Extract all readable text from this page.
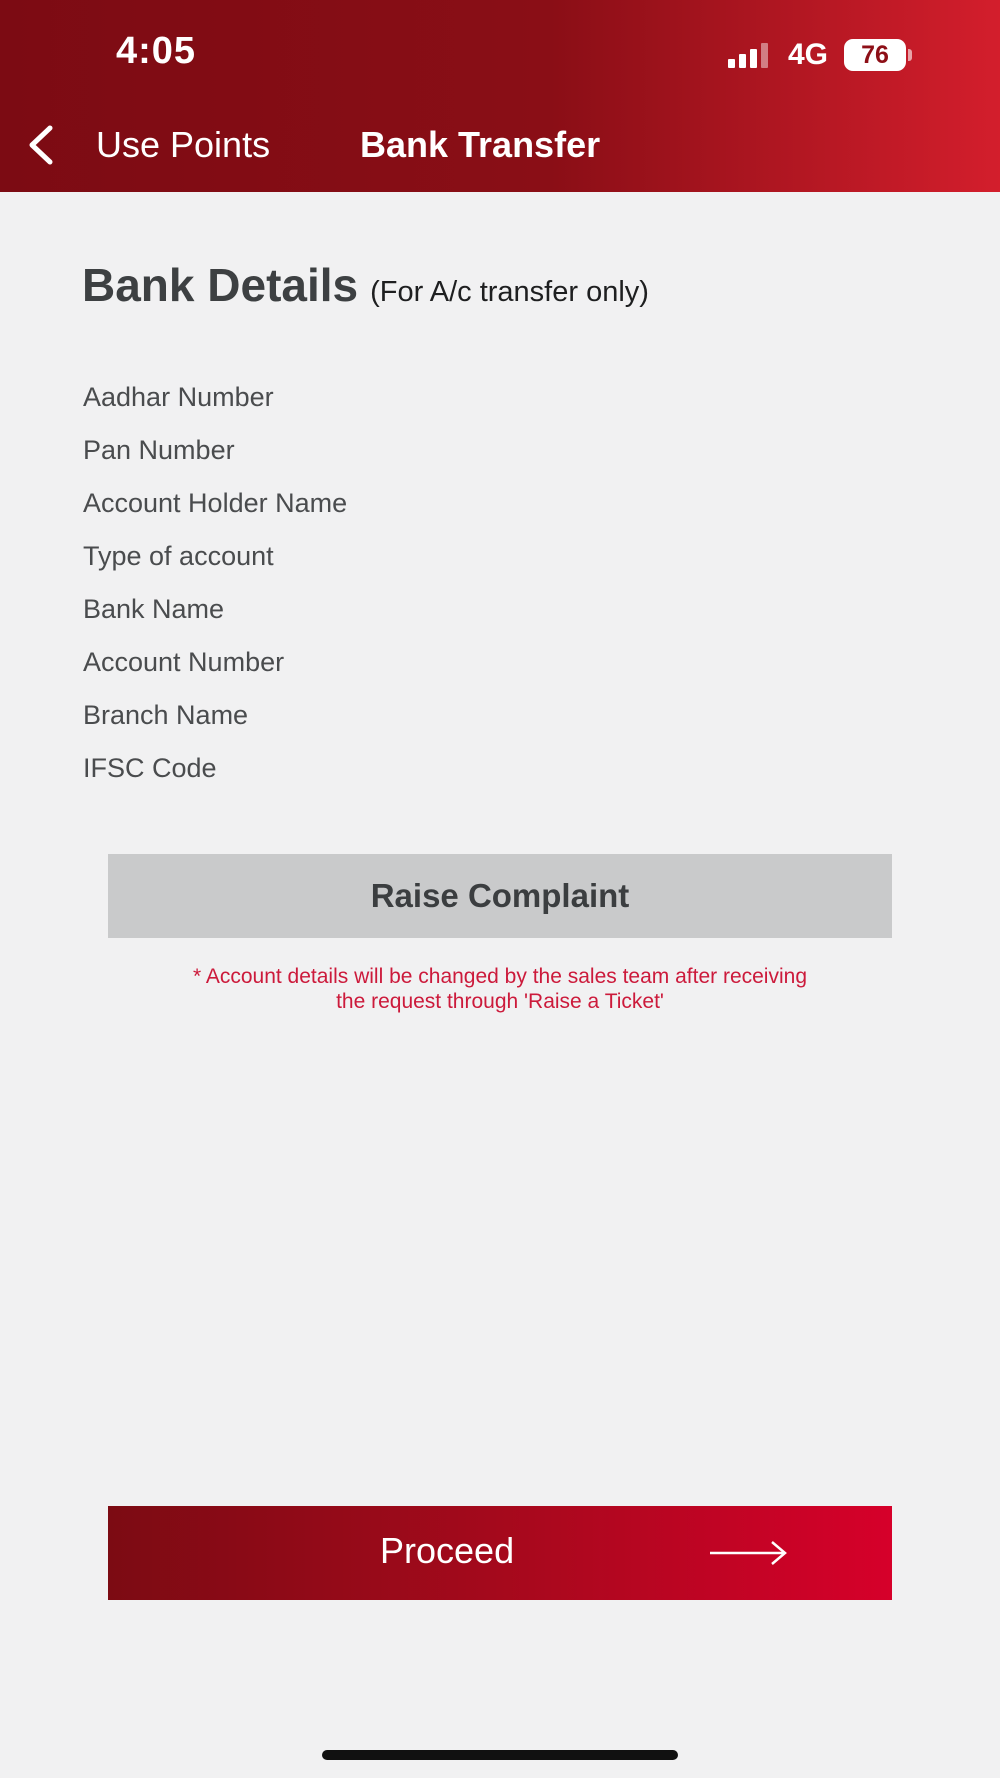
4:05	4G 76
Use Points Bank Transfer
Bank Details (For A/c transfer only)
Aadhar Number
Pan Number
Account Holder Name
Type of account
Bank Name
Account Number
Branch Name
IFSC Code
Raise Complaint
* Account details will be changed by the sales team after receiving
the request through 'Raise a Ticket'
Proceed
